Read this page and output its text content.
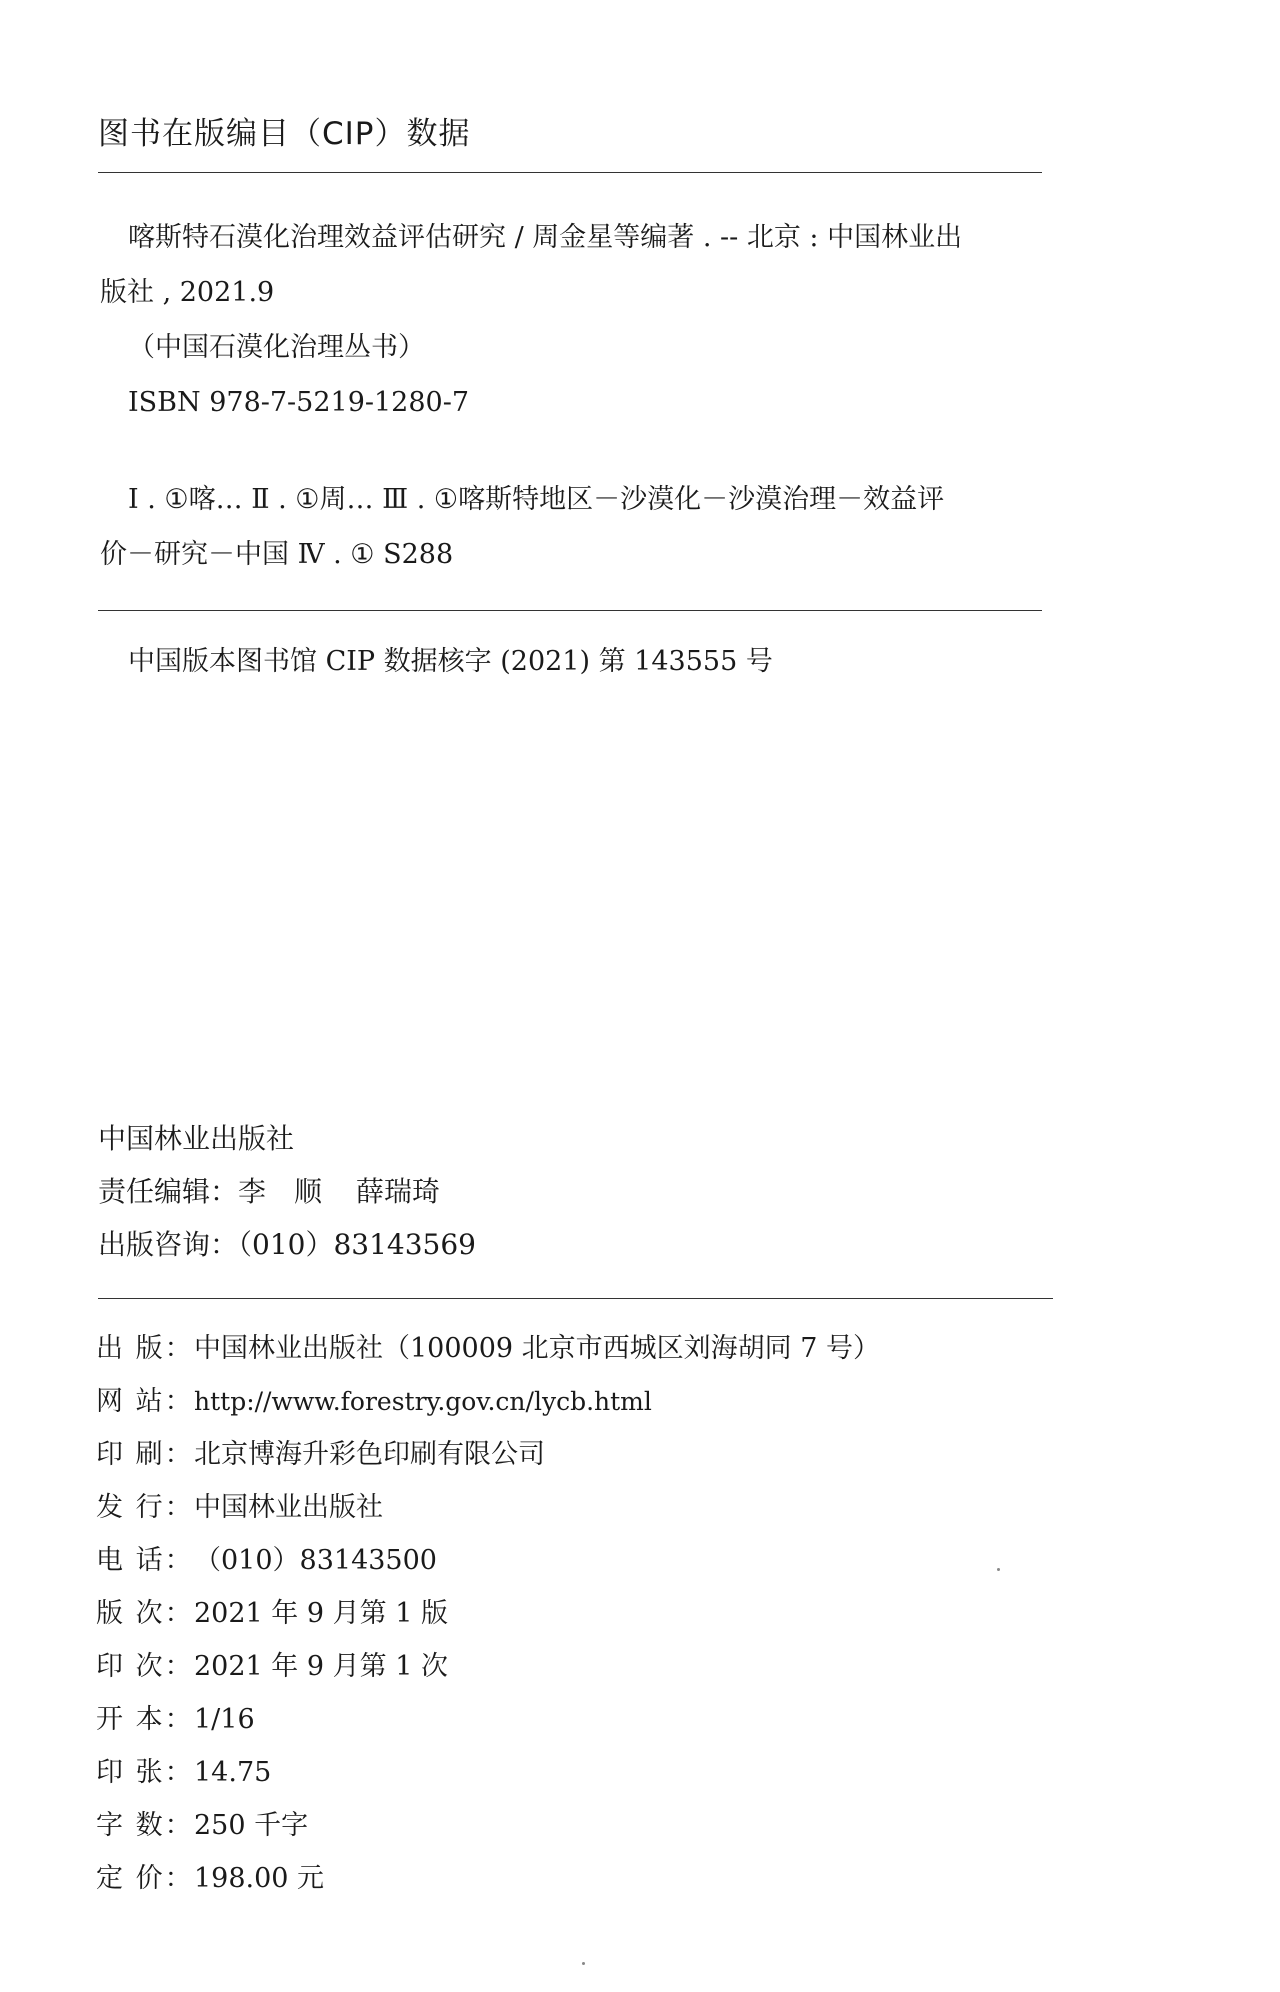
图书在版编目（CIP）数据
喀斯特石漠化治理效益评估研究 / 周金星等编著 . -- 北京 : 中国林业出
版社 , 2021.9
（中国石漠化治理丛书）
ISBN 978-7-5219-1280-7
Ⅰ . ①喀… Ⅱ . ①周… Ⅲ . ①喀斯特地区－沙漠化－沙漠治理－效益评
价－研究－中国 Ⅳ . ① S288
中国版本图书馆 CIP 数据核字 (2021) 第 143555 号
中国林业出版社
责任编辑：李　顺 薛瑞琦
出版咨询：（010）83143569
出 版： 中国林业出版社（100009 北京市西城区刘海胡同 7 号）
网 站： http://www.forestry.gov.cn/lycb.html
印 刷： 北京博海升彩色印刷有限公司
发 行： 中国林业出版社
电 话： （010）83143500
版 次： 2021 年 9 月第 1 版
印 次： 2021 年 9 月第 1 次
开 本： 1/16
印 张： 14.75
字 数： 250 千字
定 价： 198.00 元
